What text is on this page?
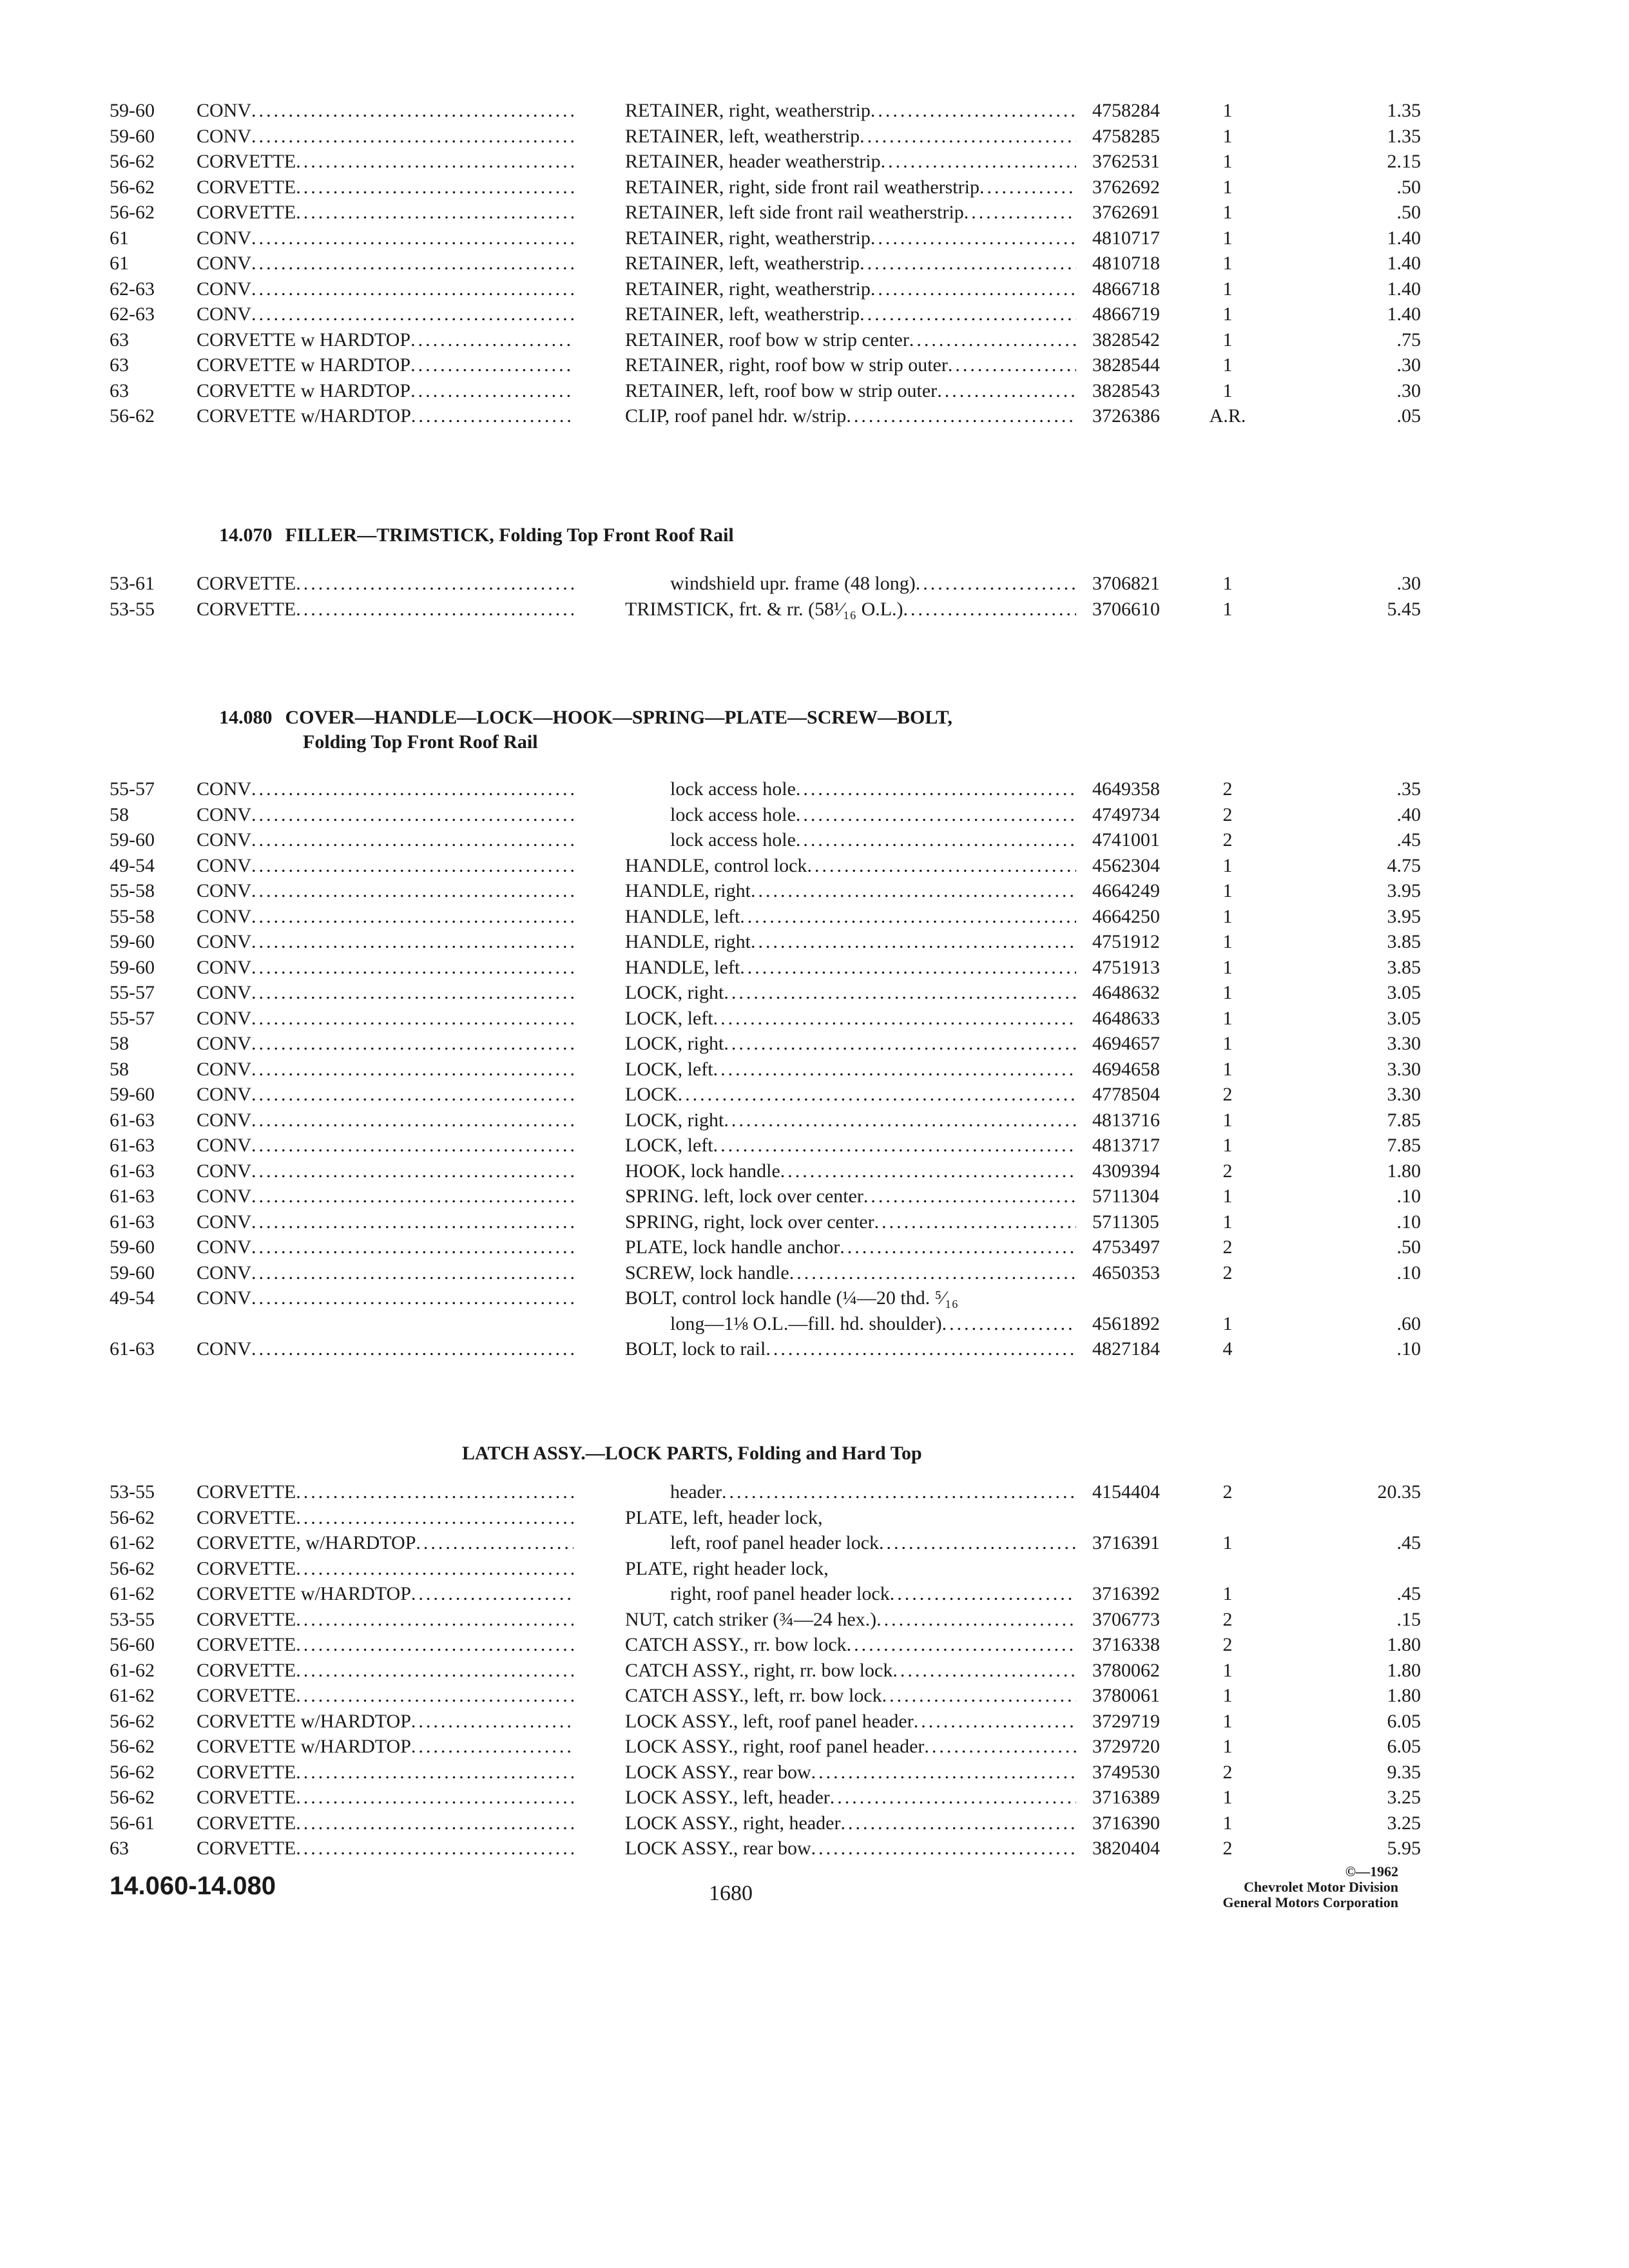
59-60	CONV .....	RETAINER, right, weatherstrip .....	4758284	1	1.35
59-60	CONV .....	RETAINER, left, weatherstrip .....	4758285	1	1.35
56-62	CORVETTE .....	RETAINER, header weatherstrip .....	3762531	1	2.15
56-62	CORVETTE .....	RETAINER, right, side front rail weatherstrip .....	3762692	1	.50
56-62	CORVETTE .....	RETAINER, left side front rail weatherstrip .....	3762691	1	.50
61	CONV .....	RETAINER, right, weatherstrip .....	4810717	1	1.40
61	CONV .....	RETAINER, left, weatherstrip .....	4810718	1	1.40
62-63	CONV .....	RETAINER, right, weatherstrip .....	4866718	1	1.40
62-63	CONV .....	RETAINER, left, weatherstrip .....	4866719	1	1.40
63	CORVETTE w HARDTOP .....	RETAINER, roof bow w strip center .....	3828542	1	.75
63	CORVETTE w HARDTOP .....	RETAINER, right, roof bow w strip outer .....	3828544	1	.30
63	CORVETTE w HARDTOP .....	RETAINER, left, roof bow w strip outer .....	3828543	1	.30
56-62	CORVETTE w/HARDTOP .....	CLIP, roof panel hdr. w/strip .....	3726386	A.R.	.05
14.070 FILLER—TRIMSTICK, Folding Top Front Roof Rail
53-61	CORVETTE .....	windshield upr. frame (48 long) .....	3706821	1	.30
53-55	CORVETTE .....	TRIMSTICK, frt. & rr. (58¹⁄₁₆ O.L.) .....	3706610	1	5.45
14.080 COVER—HANDLE—LOCK—HOOK—SPRING—PLATE—SCREW—BOLT,
Folding Top Front Roof Rail
55-57	CONV .....	lock access hole .....	4649358	2	.35
58	CONV .....	lock access hole .....	4749734	2	.40
59-60	CONV .....	lock access hole .....	4741001	2	.45
49-54	CONV .....	HANDLE, control lock .....	4562304	1	4.75
55-58	CONV .....	HANDLE, right .....	4664249	1	3.95
55-58	CONV .....	HANDLE, left .....	4664250	1	3.95
59-60	CONV .....	HANDLE, right .....	4751912	1	3.85
59-60	CONV .....	HANDLE, left .....	4751913	1	3.85
55-57	CONV .....	LOCK, right .....	4648632	1	3.05
55-57	CONV .....	LOCK, left .....	4648633	1	3.05
58	CONV .....	LOCK, right .....	4694657	1	3.30
58	CONV .....	LOCK, left .....	4694658	1	3.30
59-60	CONV .....	LOCK .....	4778504	2	3.30
61-63	CONV .....	LOCK, right .....	4813716	1	7.85
61-63	CONV .....	LOCK, left .....	4813717	1	7.85
61-63	CONV .....	HOOK, lock handle .....	4309394	2	1.80
61-63	CONV .....	SPRING. left, lock over center .....	5711304	1	.10
61-63	CONV .....	SPRING, right, lock over center .....	5711305	1	.10
59-60	CONV .....	PLATE, lock handle anchor .....	4753497	2	.50
59-60	CONV .....	SCREW, lock handle .....	4650353	2	.10
49-54	CONV .....	BOLT, control lock handle (¼—20 thd. ⁵⁄₁₆
long—1⅛ O.L.—fill. hd. shoulder) .....	4561892	1	.60
61-63	CONV .....	BOLT, lock to rail .....	4827184	4	.10
LATCH ASSY.—LOCK PARTS, Folding and Hard Top
53-55	CORVETTE .....	header .....	4154404	2	20.35
56-62	CORVETTE .....	PLATE, left, header lock,
61-62	CORVETTE, w/HARDTOP .....	left, roof panel header lock .....	3716391	1	.45
56-62	CORVETTE .....	PLATE, right header lock,
61-62	CORVETTE w/HARDTOP .....	right, roof panel header lock .....	3716392	1	.45
53-55	CORVETTE .....	NUT, catch striker (¾—24 hex.) .....	3706773	2	.15
56-60	CORVETTE .....	CATCH ASSY., rr. bow lock .....	3716338	2	1.80
61-62	CORVETTE .....	CATCH ASSY., right, rr. bow lock .....	3780062	1	1.80
61-62	CORVETTE .....	CATCH ASSY., left, rr. bow lock .....	3780061	1	1.80
56-62	CORVETTE w/HARDTOP .....	LOCK ASSY., left, roof panel header .....	3729719	1	6.05
56-62	CORVETTE w/HARDTOP .....	LOCK ASSY., right, roof panel header .....	3729720	1	6.05
56-62	CORVETTE .....	LOCK ASSY., rear bow .....	3749530	2	9.35
56-62	CORVETTE .....	LOCK ASSY., left, header .....	3716389	1	3.25
56-61	CORVETTE .....	LOCK ASSY., right, header .....	3716390	1	3.25
63	CORVETTE .....	LOCK ASSY., rear bow .....	3820404	2	5.95
14.060-14.080	1680
©—1962
Chevrolet Motor Division
General Motors Corporation
